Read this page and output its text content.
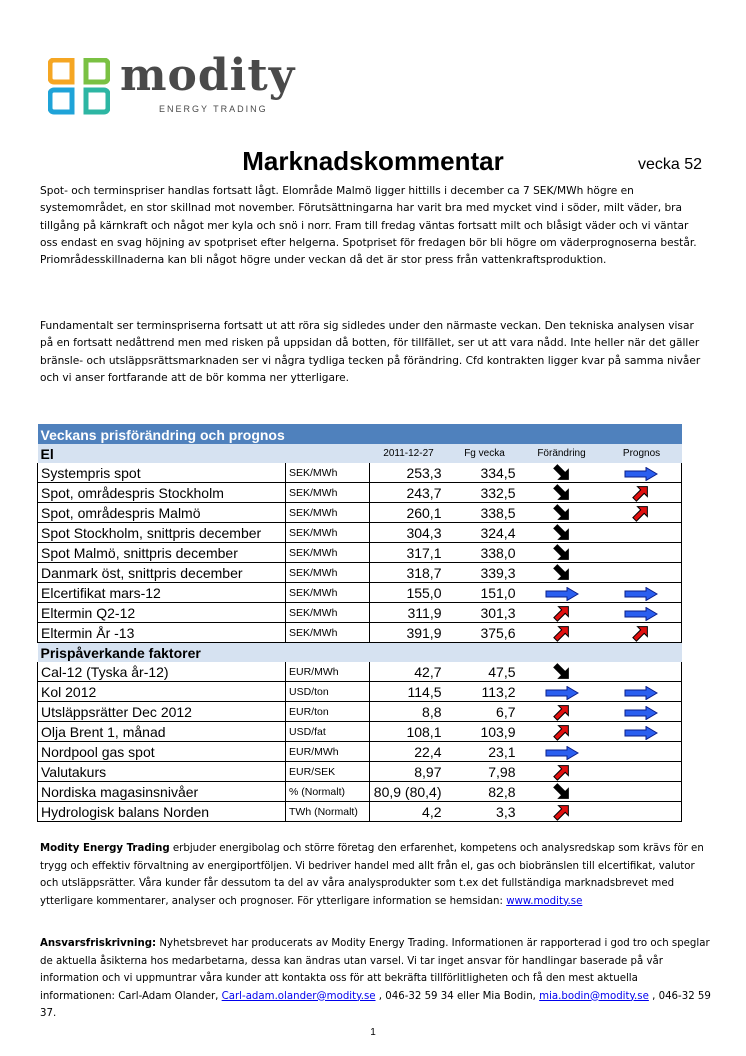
modity
ENERGY TRADING
Marknadskommentar	vecka 52
Spot- och terminspriser handlas fortsatt lågt. Elområde Malmö ligger hittills i december ca 7 SEK/MWh högre en systemområdet, en stor skillnad mot november. Förutsättningarna har varit bra med mycket vind i söder, milt väder, bra tillgång på kärnkraft och något mer kyla och snö i norr. Fram till fredag väntas fortsatt milt och blåsigt väder och vi väntar oss endast en svag höjning av spotpriset efter helgerna. Spotpriset för fredagen bör bli högre om väderprognoserna består. Priområdesskillnaderna kan bli något högre under veckan då det är stor press från vattenkraftsproduktion.
Fundamentalt ser terminspriserna fortsatt ut att röra sig sidledes under den närmaste veckan. Den tekniska analysen visar på en fortsatt nedåttrend men med risken på uppsidan då botten, för tillfället, ser ut att vara nådd. Inte heller när det gäller bränsle- och utsläppsrättsmarknaden ser vi några tydliga tecken på förändring. Cfd kontrakten ligger kvar på samma nivåer och vi anser fortfarande att de bör komma ner ytterligare.
Veckans prisförändring och prognos					
El		2011-12-27	Fg vecka	Förändring	Prognos
Systempris spot	SEK/MWh	253,3	334,5		
Spot, områdespris Stockholm	SEK/MWh	243,7	332,5		
Spot, områdespris Malmö	SEK/MWh	260,1	338,5		
Spot Stockholm, snittpris december	SEK/MWh	304,3	324,4		
Spot Malmö, snittpris december	SEK/MWh	317,1	338,0		
Danmark öst, snittpris december	SEK/MWh	318,7	339,3		
Elcertifikat mars-12	SEK/MWh	155,0	151,0		
Eltermin Q2-12	SEK/MWh	311,9	301,3		
Eltermin År -13	SEK/MWh	391,9	375,6		
Prispåverkande faktorer					
Cal-12 (Tyska år-12)	EUR/MWh	42,7	47,5		
Kol 2012	USD/ton	114,5	113,2		
Utsläppsrätter Dec 2012	EUR/ton	8,8	6,7		
Olja Brent 1, månad	USD/fat	108,1	103,9		
Nordpool gas spot	EUR/MWh	22,4	23,1		
Valutakurs	EUR/SEK	8,97	7,98		
Nordiska magasinsnivåer	% (Normalt)	80,9 (80,4)	82,8		
Hydrologisk balans Norden	TWh (Normalt)	4,2	3,3		
Modity Energy Trading erbjuder energibolag och större företag den erfarenhet, kompetens och analysredskap som krävs för en trygg och effektiv förvaltning av energiportföljen. Vi bedriver handel med allt från el, gas och biobränslen till elcertifikat, valutor och utsläppsrätter. Våra kunder får dessutom ta del av våra analysprodukter som t.ex det fullständiga marknadsbrevet med ytterligare kommentarer, analyser och prognoser. För ytterligare information se hemsidan: www.modity.se
Ansvarsfriskrivning: Nyhetsbrevet har producerats av Modity Energy Trading. Informationen är rapporterad i god tro och speglar de aktuella åsikterna hos medarbetarna, dessa kan ändras utan varsel. Vi tar inget ansvar för handlingar baserade på vår information och vi uppmuntrar våra kunder att kontakta oss för att bekräfta tillförlitligheten och få den mest aktuella informationen: Carl-Adam Olander, Carl-adam.olander@modity.se , 046-32 59 34 eller Mia Bodin, mia.bodin@modity.se , 046-32 59 37.
1
